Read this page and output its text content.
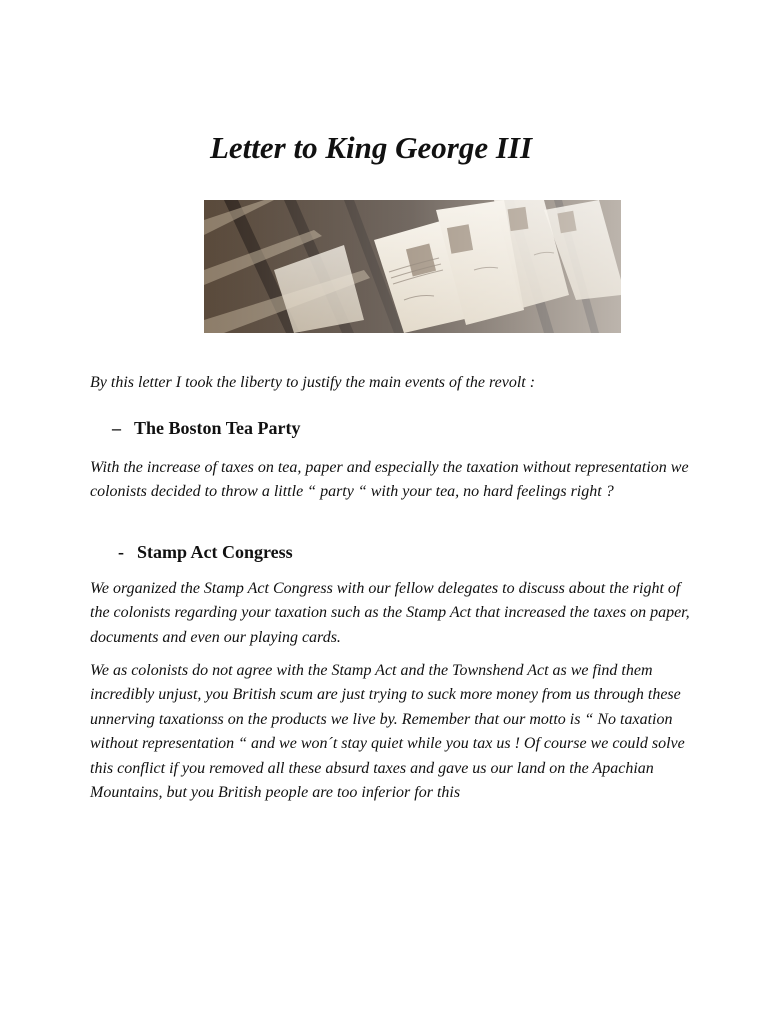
Letter to King George III

By this letter I took the liberty to justify the main events of the revolt :

– The Boston Tea Party

With the increase of taxes on tea, paper and especially the taxation without representation we colonists decided to throw a little “ party “ with your tea, no hard feelings right ?

- Stamp Act Congress

We organized the Stamp Act Congress with our fellow delegates to discuss about the right of the colonists regarding your taxation such as the Stamp Act that increased the taxes on paper, documents and even our playing cards.

We as colonists do not agree with the Stamp Act and the Townshend Act as we find them incredibly unjust, you British scum are just trying to suck more money from us through these unnerving taxationss on the products we live by. Remember that our motto is “ No taxation without representation “ and we won´t stay quiet while you tax us ! Of course we could solve this conflict if you removed all these absurd taxes and gave us our land on the Apachian Mountains, but you British people are too inferior for this
